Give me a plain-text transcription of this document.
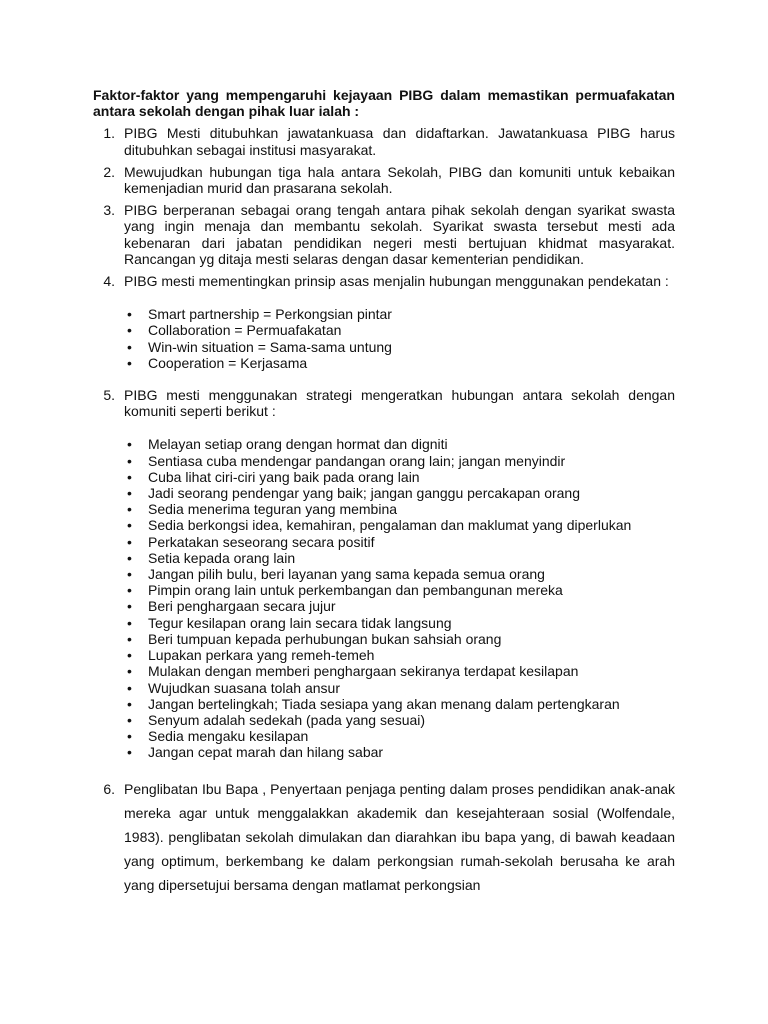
Faktor-faktor yang mempengaruhi kejayaan PIBG dalam memastikan permuafakatan antara sekolah dengan pihak luar ialah :

1. PIBG Mesti ditubuhkan jawatankuasa dan didaftarkan. Jawatankuasa PIBG harus ditubuhkan sebagai institusi masyarakat.
2. Mewujudkan hubungan tiga hala antara Sekolah, PIBG dan komuniti untuk kebaikan kemenjadian murid dan prasarana sekolah.
3. PIBG berperanan sebagai orang tengah antara pihak sekolah dengan syarikat swasta yang ingin menaja dan membantu sekolah. Syarikat swasta tersebut mesti ada kebenaran dari jabatan pendidikan negeri mesti bertujuan khidmat masyarakat. Rancangan yg ditaja mesti selaras dengan dasar kementerian pendidikan.
4. PIBG mesti mementingkan prinsip asas menjalin hubungan menggunakan pendekatan :
• Smart partnership = Perkongsian pintar
• Collaboration = Permuafakatan
• Win-win situation = Sama-sama untung
• Cooperation = Kerjasama
5. PIBG mesti menggunakan strategi mengeratkan hubungan antara sekolah dengan komuniti seperti berikut :
• Melayan setiap orang dengan hormat dan digniti
• Sentiasa cuba mendengar pandangan orang lain; jangan menyindir
• Cuba lihat ciri-ciri yang baik pada orang lain
• Jadi seorang pendengar yang baik; jangan ganggu percakapan orang
• Sedia menerima teguran yang membina
• Sedia berkongsi idea, kemahiran, pengalaman dan maklumat yang diperlukan
• Perkatakan seseorang secara positif
• Setia kepada orang lain
• Jangan pilih bulu, beri layanan yang sama kepada semua orang
• Pimpin orang lain untuk perkembangan dan pembangunan mereka
• Beri penghargaan secara jujur
• Tegur kesilapan orang lain secara tidak langsung
• Beri tumpuan kepada perhubungan bukan sahsiah orang
• Lupakan perkara yang remeh-temeh
• Mulakan dengan memberi penghargaan sekiranya terdapat kesilapan
• Wujudkan suasana tolah ansur
• Jangan bertelingkah; Tiada sesiapa yang akan menang dalam pertengkaran
• Senyum adalah sedekah (pada yang sesuai)
• Sedia mengaku kesilapan
• Jangan cepat marah dan hilang sabar
6. Penglibatan Ibu Bapa , Penyertaan penjaga penting dalam proses pendidikan anak-anak mereka agar untuk menggalakkan akademik dan kesejahteraan sosial (Wolfendale, 1983). penglibatan sekolah dimulakan dan diarahkan ibu bapa yang, di bawah keadaan yang optimum, berkembang ke dalam perkongsian rumah-sekolah berusaha ke arah yang dipersetujui bersama dengan matlamat perkongsian
